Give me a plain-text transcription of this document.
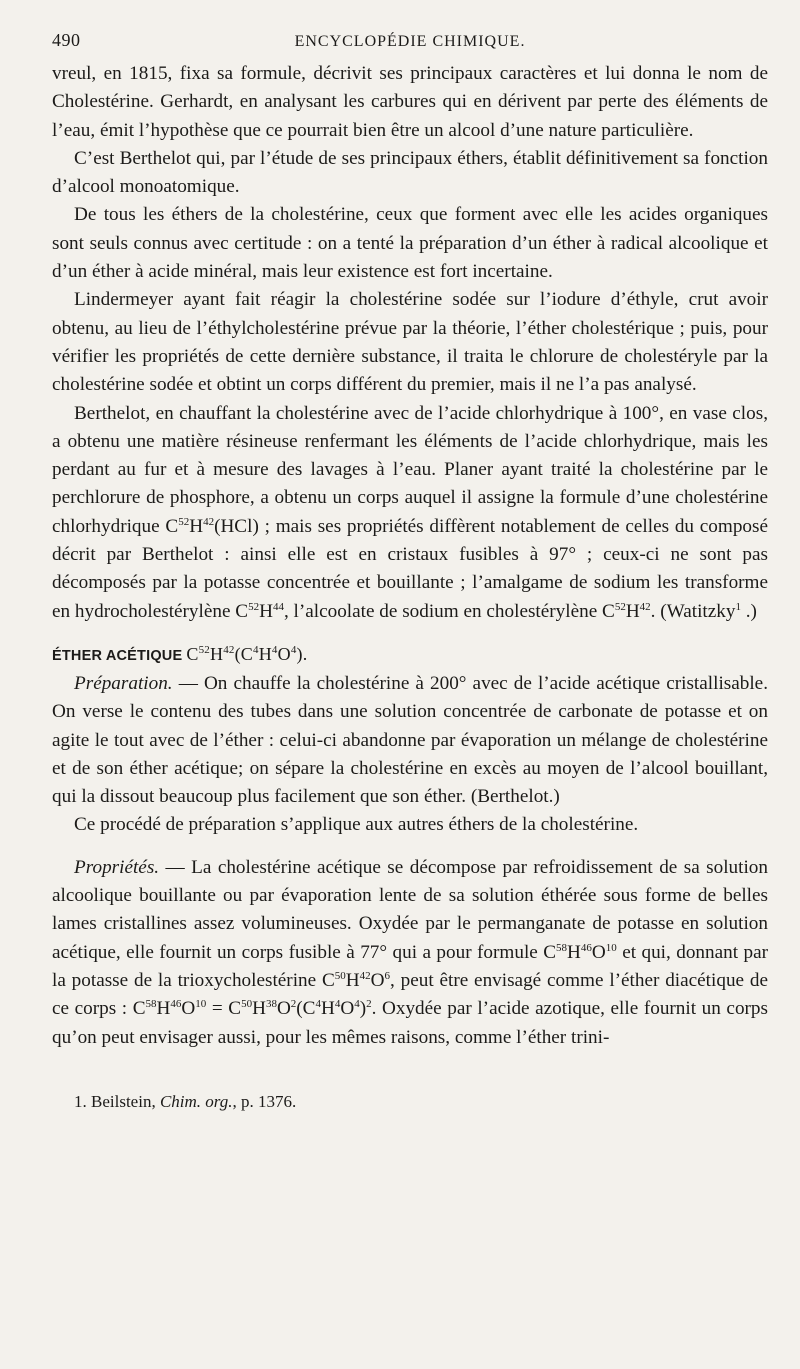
490	ENCYCLOPÉDIE CHIMIQUE.

vreul, en 1815, fixa sa formule, décrivit ses principaux caractères et lui donna le nom de Cholestérine. Gerhardt, en analysant les carbures qui en dérivent par perte des éléments de l’eau, émit l’hypothèse que ce pourrait bien être un alcool d’une nature particulière.

C’est Berthelot qui, par l’étude de ses principaux éthers, établit définitivement sa fonction d’alcool monoatomique.

De tous les éthers de la cholestérine, ceux que forment avec elle les acides organiques sont seuls connus avec certitude : on a tenté la préparation d’un éther à radical alcoolique et d’un éther à acide minéral, mais leur existence est fort incertaine.

Lindermeyer ayant fait réagir la cholestérine sodée sur l’iodure d’éthyle, crut avoir obtenu, au lieu de l’éthylcholestérine prévue par la théorie, l’éther cholestérique ; puis, pour vérifier les propriétés de cette dernière substance, il traita le chlorure de cholestéryle par la cholestérine sodée et obtint un corps différent du premier, mais il ne l’a pas analysé.

Berthelot, en chauffant la cholestérine avec de l’acide chlorhydrique à 100°, en vase clos, a obtenu une matière résineuse renfermant les éléments de l’acide chlorhydrique, mais les perdant au fur et à mesure des lavages à l’eau. Planer ayant traité la cholestérine par le perchlorure de phosphore, a obtenu un corps auquel il assigne la formule d’une cholestérine chlorhydrique $C^{52}H^{42}(HCl)$ ; mais ses propriétés diffèrent notablement de celles du composé décrit par Berthelot : ainsi elle est en cristaux fusibles à 97° ; ceux-ci ne sont pas décomposés par la potasse concentrée et bouillante ; l’amalgame de sodium les transforme en hydrocholestérylène $C^{52}H^{44}$, l’alcoolate de sodium en cholestérylène $C^{52}H^{42}$. (Watitzky$^1$ .)

ÉTHER ACÉTIQUE $C^{52}H^{42}(C^4H^4O^4)$.

Préparation. — On chauffe la cholestérine à 200° avec de l’acide acétique cristallisable. On verse le contenu des tubes dans une solution concentrée de carbonate de potasse et on agite le tout avec de l’éther : celui-ci abandonne par évaporation un mélange de cholestérine et de son éther acétique; on sépare la cholestérine en excès au moyen de l’alcool bouillant, qui la dissout beaucoup plus facilement que son éther. (Berthelot.)

Ce procédé de préparation s’applique aux autres éthers de la cholestérine.

Propriétés. — La cholestérine acétique se décompose par refroidissement de sa solution alcoolique bouillante ou par évaporation lente de sa solution éthérée sous forme de belles lames cristallines assez volumineuses. Oxydée par le permanganate de potasse en solution acétique, elle fournit un corps fusible à 77° qui a pour formule $C^{58}H^{46}O^{10}$ et qui, donnant par la potasse de la trioxycholestérine $C^{50}H^{42}O^6$, peut être envisagé comme l’éther diacétique de ce corps : $C^{58}H^{46}O^{10} = C^{50}H^{38}O^2(C^4H^4O^4)^2$. Oxydée par l’acide azotique, elle fournit un corps qu’on peut envisager aussi, pour les mêmes raisons, comme l’éther trini-

1. Beilstein, Chim. org., p. 1376.
